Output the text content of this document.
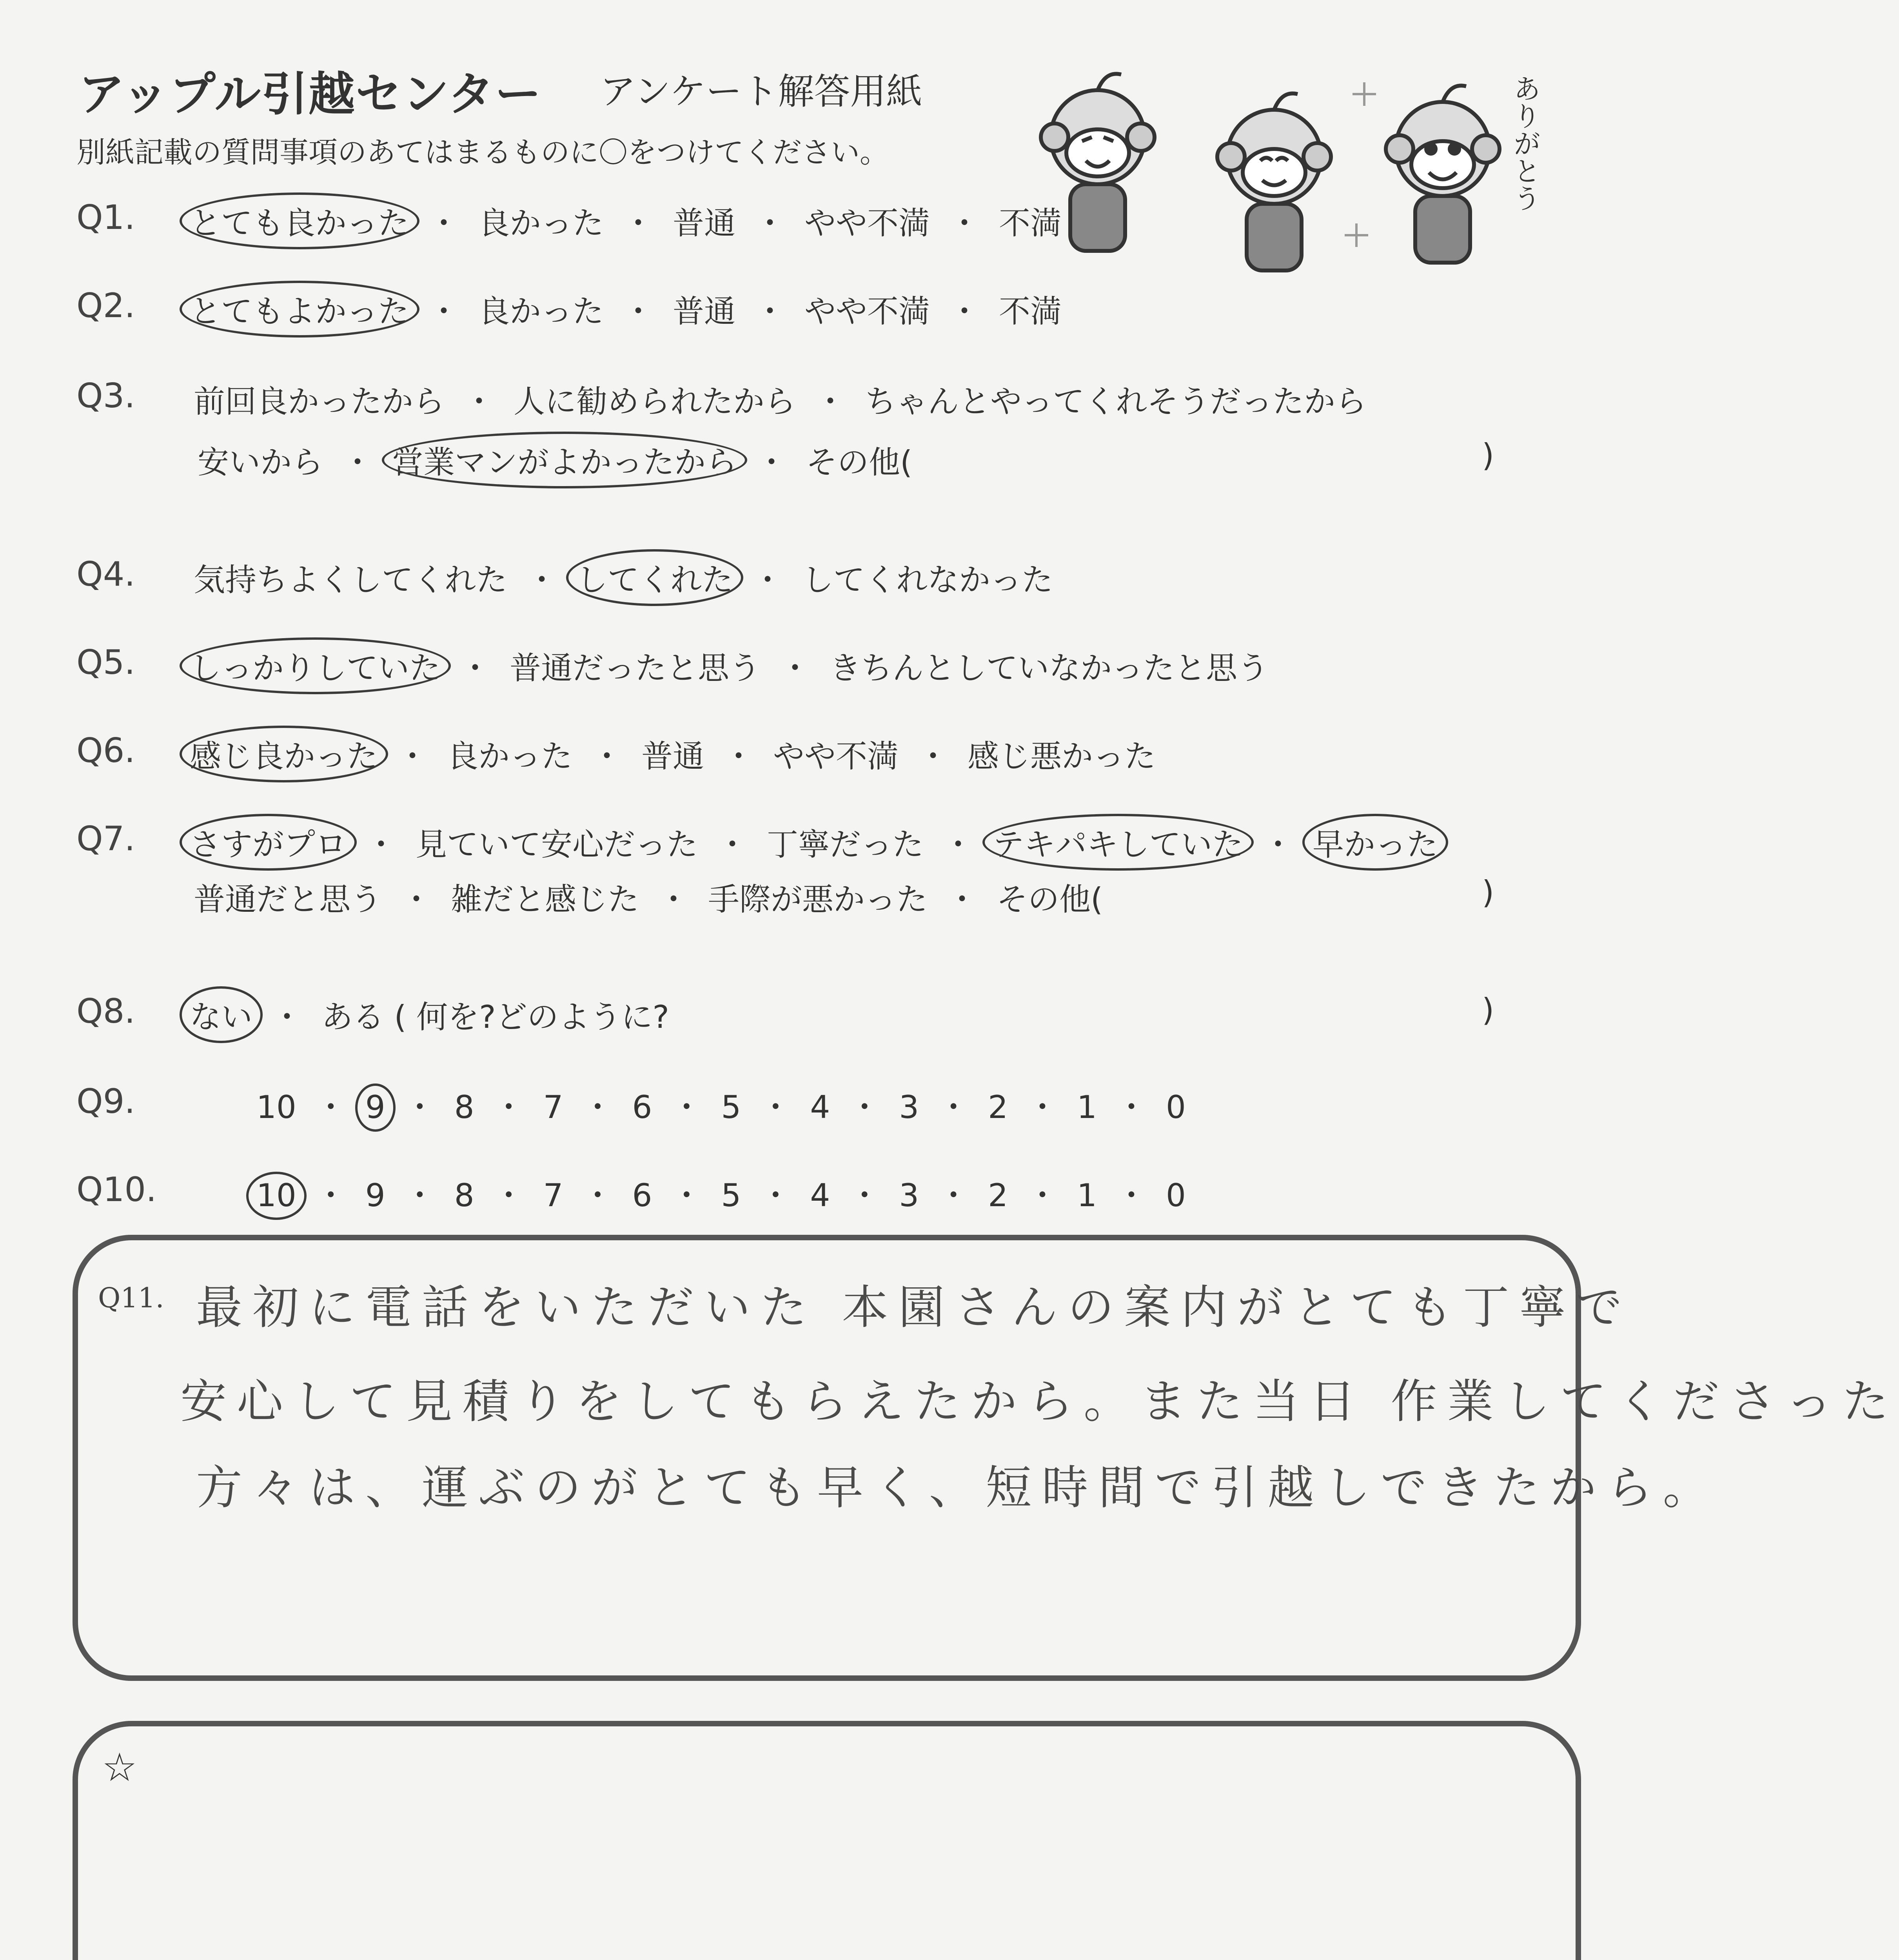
アップル引越センター アンケート解答用紙
別紙記載の質問事項のあてはまるものに〇をつけてください。	ありがとう
Q1. とても良かった ・ 良かった ・ 普通 ・ やや不満 ・ 不満
Q2. とてもよかった ・ 良かった ・ 普通 ・ やや不満 ・ 不満
Q3. 前回良かったから ・ 人に勧められたから ・ ちゃんとやってくれそうだったから
安いから ・ 営業マンがよかったから ・ その他(	)
Q4. 気持ちよくしてくれた ・ してくれた ・ してくれなかった
Q5. しっかりしていた ・ 普通だったと思う ・ きちんとしていなかったと思う
Q6. 感じ良かった ・ 良かった ・ 普通 ・ やや不満 ・ 感じ悪かった
Q7. さすがプロ ・ 見ていて安心だった ・ 丁寧だった ・ テキパキしていた ・ 早かった
普通だと思う ・ 雑だと感じた ・ 手際が悪かった ・ その他(	)
Q8. ない ・ ある ( 何を?どのように?	)
Q9.	10 ・ 9 ・ 8 ・ 7 ・ 6 ・ 5 ・ 4 ・ 3 ・ 2 ・ 1 ・ 0
Q10.	10 ・ 9 ・ 8 ・ 7 ・ 6 ・ 5 ・ 4 ・ 3 ・ 2 ・ 1 ・ 0
Q11. 最初に電話をいただいた 本園さんの案内がとても丁寧で
安心して見積りをしてもらえたから。また当日 作業してくださった
方々は、運ぶのがとても早く、短時間で引越しできたから。
☆
